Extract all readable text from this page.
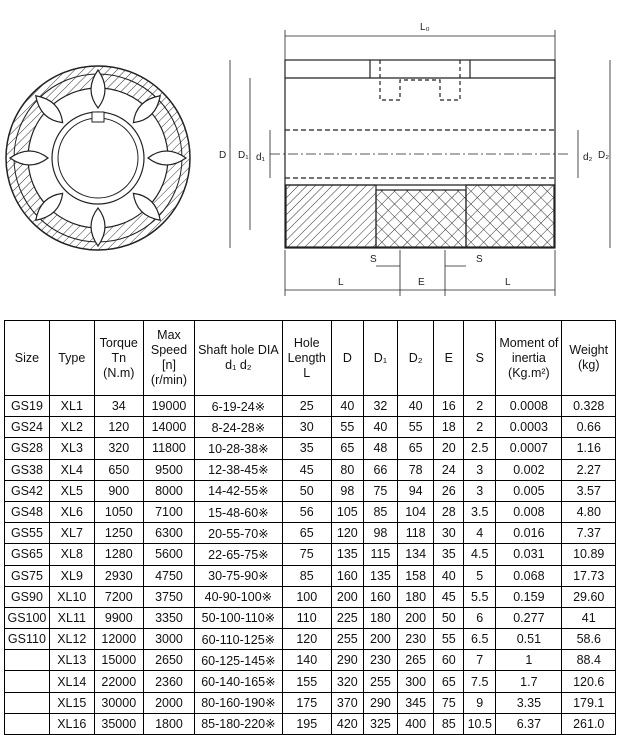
L₀
D D₁ d₁	d₂ D₂
S	S
L	E	L
Size	Type	Torque Tn (N.m)	Max Speed [n] (r/min)	Shaft hole DIA d₁ d₂	Hole Length L	D	D₁	D₂	E	S	Moment of inertia (Kg.m²)	Weight (kg)
GS19	XL1	34	19000	6-19-24※	25	40	32	40	16	2	0.0008	0.328
GS24	XL2	120	14000	8-24-28※	30	55	40	55	18	2	0.0003	0.66
GS28	XL3	320	11800	10-28-38※	35	65	48	65	20	2.5	0.0007	1.16
GS38	XL4	650	9500	12-38-45※	45	80	66	78	24	3	0.002	2.27
GS42	XL5	900	8000	14-42-55※	50	98	75	94	26	3	0.005	3.57
GS48	XL6	1050	7100	15-48-60※	56	105	85	104	28	3.5	0.008	4.80
GS55	XL7	1250	6300	20-55-70※	65	120	98	118	30	4	0.016	7.37
GS65	XL8	1280	5600	22-65-75※	75	135	115	134	35	4.5	0.031	10.89
GS75	XL9	2930	4750	30-75-90※	85	160	135	158	40	5	0.068	17.73
GS90	XL10	7200	3750	40-90-100※	100	200	160	180	45	5.5	0.159	29.60
GS100	XL11	9900	3350	50-100-110※	110	225	180	200	50	6	0.277	41
GS110	XL12	12000	3000	60-110-125※	120	255	200	230	55	6.5	0.51	58.6
	XL13	15000	2650	60-125-145※	140	290	230	265	60	7	1	88.4
	XL14	22000	2360	60-140-165※	155	320	255	300	65	7.5	1.7	120.6
	XL15	30000	2000	80-160-190※	175	370	290	345	75	9	3.35	179.1
	XL16	35000	1800	85-180-220※	195	420	325	400	85	10.5	6.37	261.0
